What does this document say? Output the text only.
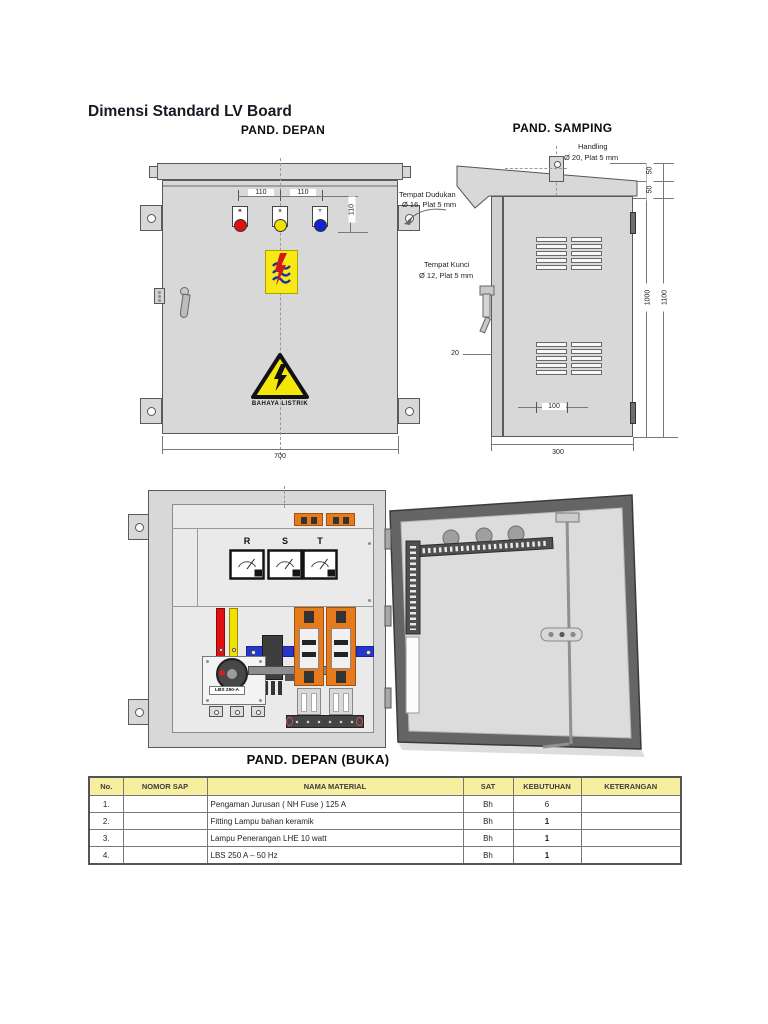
Dimensi Standard LV Board
PAND. DEPAN
110	110
110
R	S	T
BAHAYA LISTRIK
700
PAND. SAMPING
Handling
Ø 20, Plat 5 mm
Tempat Dudukan
Ø 16, Plat 5 mm
Tempat Kunci
Ø 12, Plat 5 mm
20
100
50
50
1000 1100
300
R	S	T
LBS 250-A
PAND. DEPAN (BUKA)
No.	NOMOR SAP	NAMA MATERIAL	SAT	KEBUTUHAN	KETERANGAN
1.		Pengaman Jurusan ( NH Fuse ) 125 A	Bh	6	
2.		Fitting Lampu bahan keramik	Bh	1	
3.		Lampu Penerangan LHE 10 watt	Bh	1	
4.		LBS 250 A – 50 Hz	Bh	1	
